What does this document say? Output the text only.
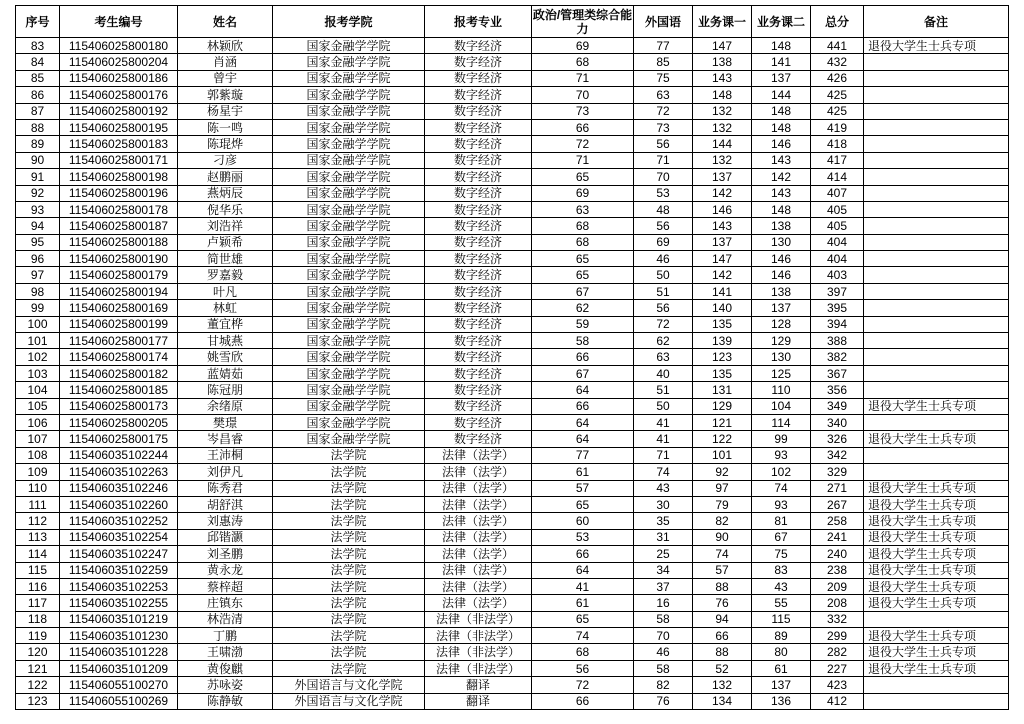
序号	考生编号	姓名	报考学院	报考专业	政治/管理类综合能力	外国语	业务课一	业务课二	总分	备注
83	115406025800180	林颖欣	国家金融学学院	数字经济	69	77	147	148	441	退役大学生士兵专项
84	115406025800204	肖涵	国家金融学学院	数字经济	68	85	138	141	432	
85	115406025800186	曾宇	国家金融学学院	数字经济	71	75	143	137	426	
86	115406025800176	郭紫璇	国家金融学学院	数字经济	70	63	148	144	425	
87	115406025800192	杨星宇	国家金融学学院	数字经济	73	72	132	148	425	
88	115406025800195	陈一鸣	国家金融学学院	数字经济	66	73	132	148	419	
89	115406025800183	陈琨烨	国家金融学学院	数字经济	72	56	144	146	418	
90	115406025800171	刁彦	国家金融学学院	数字经济	71	71	132	143	417	
91	115406025800198	赵鹏丽	国家金融学学院	数字经济	65	70	137	142	414	
92	115406025800196	燕炳辰	国家金融学学院	数字经济	69	53	142	143	407	
93	115406025800178	倪华乐	国家金融学学院	数字经济	63	48	146	148	405	
94	115406025800187	刘浩祥	国家金融学学院	数字经济	68	56	143	138	405	
95	115406025800188	卢颖希	国家金融学学院	数字经济	68	69	137	130	404	
96	115406025800190	简世雄	国家金融学学院	数字经济	65	46	147	146	404	
97	115406025800179	罗嘉毅	国家金融学学院	数字经济	65	50	142	146	403	
98	115406025800194	叶凡	国家金融学学院	数字经济	67	51	141	138	397	
99	115406025800169	林虹	国家金融学学院	数字经济	62	56	140	137	395	
100	115406025800199	董宜桦	国家金融学学院	数字经济	59	72	135	128	394	
101	115406025800177	甘城燕	国家金融学学院	数字经济	58	62	139	129	388	
102	115406025800174	姚雪欣	国家金融学学院	数字经济	66	63	123	130	382	
103	115406025800182	蓝婧茹	国家金融学学院	数字经济	67	40	135	125	367	
104	115406025800185	陈冠朋	国家金融学学院	数字经济	64	51	131	110	356	
105	115406025800173	余绪原	国家金融学学院	数字经济	66	50	129	104	349	退役大学生士兵专项
106	115406025800205	樊璟	国家金融学学院	数字经济	64	41	121	114	340	
107	115406025800175	岑昌睿	国家金融学学院	数字经济	64	41	122	99	326	退役大学生士兵专项
108	115406035102244	王沛桐	法学院	法律（法学）	77	71	101	93	342	
109	115406035102263	刘伊凡	法学院	法律（法学）	61	74	92	102	329	
110	115406035102246	陈秀君	法学院	法律（法学）	57	43	97	74	271	退役大学生士兵专项
111	115406035102260	胡舒淇	法学院	法律（法学）	65	30	79	93	267	退役大学生士兵专项
112	115406035102252	刘惠涛	法学院	法律（法学）	60	35	82	81	258	退役大学生士兵专项
113	115406035102254	邱锴灏	法学院	法律（法学）	53	31	90	67	241	退役大学生士兵专项
114	115406035102247	刘圣鹏	法学院	法律（法学）	66	25	74	75	240	退役大学生士兵专项
115	115406035102259	黄永龙	法学院	法律（法学）	64	34	57	83	238	退役大学生士兵专项
116	115406035102253	蔡梓超	法学院	法律（法学）	41	37	88	43	209	退役大学生士兵专项
117	115406035102255	庄镇东	法学院	法律（法学）	61	16	76	55	208	退役大学生士兵专项
118	115406035101219	林浩清	法学院	法律（非法学）	65	58	94	115	332	
119	115406035101230	丁鹏	法学院	法律（非法学）	74	70	66	89	299	退役大学生士兵专项
120	115406035101228	王啸渤	法学院	法律（非法学）	68	46	88	80	282	退役大学生士兵专项
121	115406035101209	黄俊麒	法学院	法律（非法学）	56	58	52	61	227	退役大学生士兵专项
122	115406055100270	苏咏姿	外国语言与文化学院	翻译	72	82	132	137	423	
123	115406055100269	陈静敏	外国语言与文化学院	翻译	66	76	134	136	412	
